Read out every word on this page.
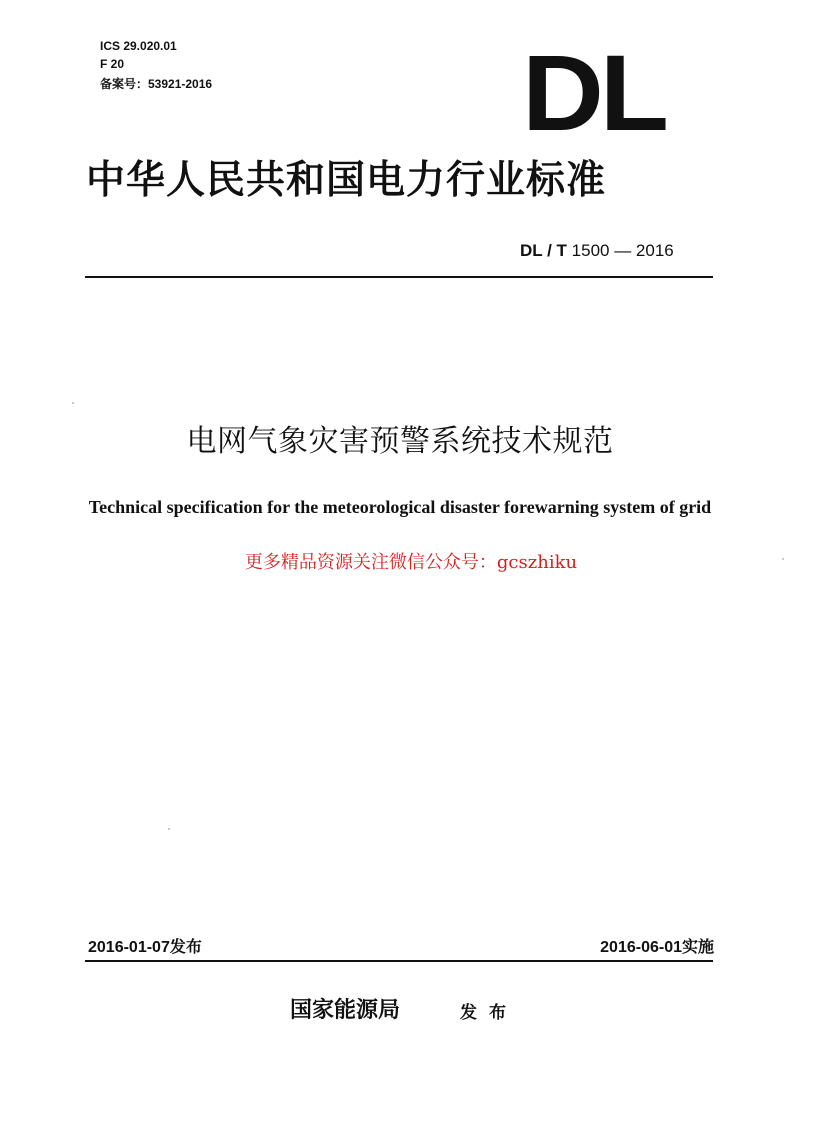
ICS 29.020.01
F 20
备案号：53921-2016	DL
中华人民共和国电力行业标准
DL / T 1500 — 2016
电网气象灾害预警系统技术规范
Technical specification for the meteorological disaster forewarning system of grid
更多精品资源关注微信公众号：gcszhiku
2016-01-07发布	2016-06-01实施
国家能源局	发布
